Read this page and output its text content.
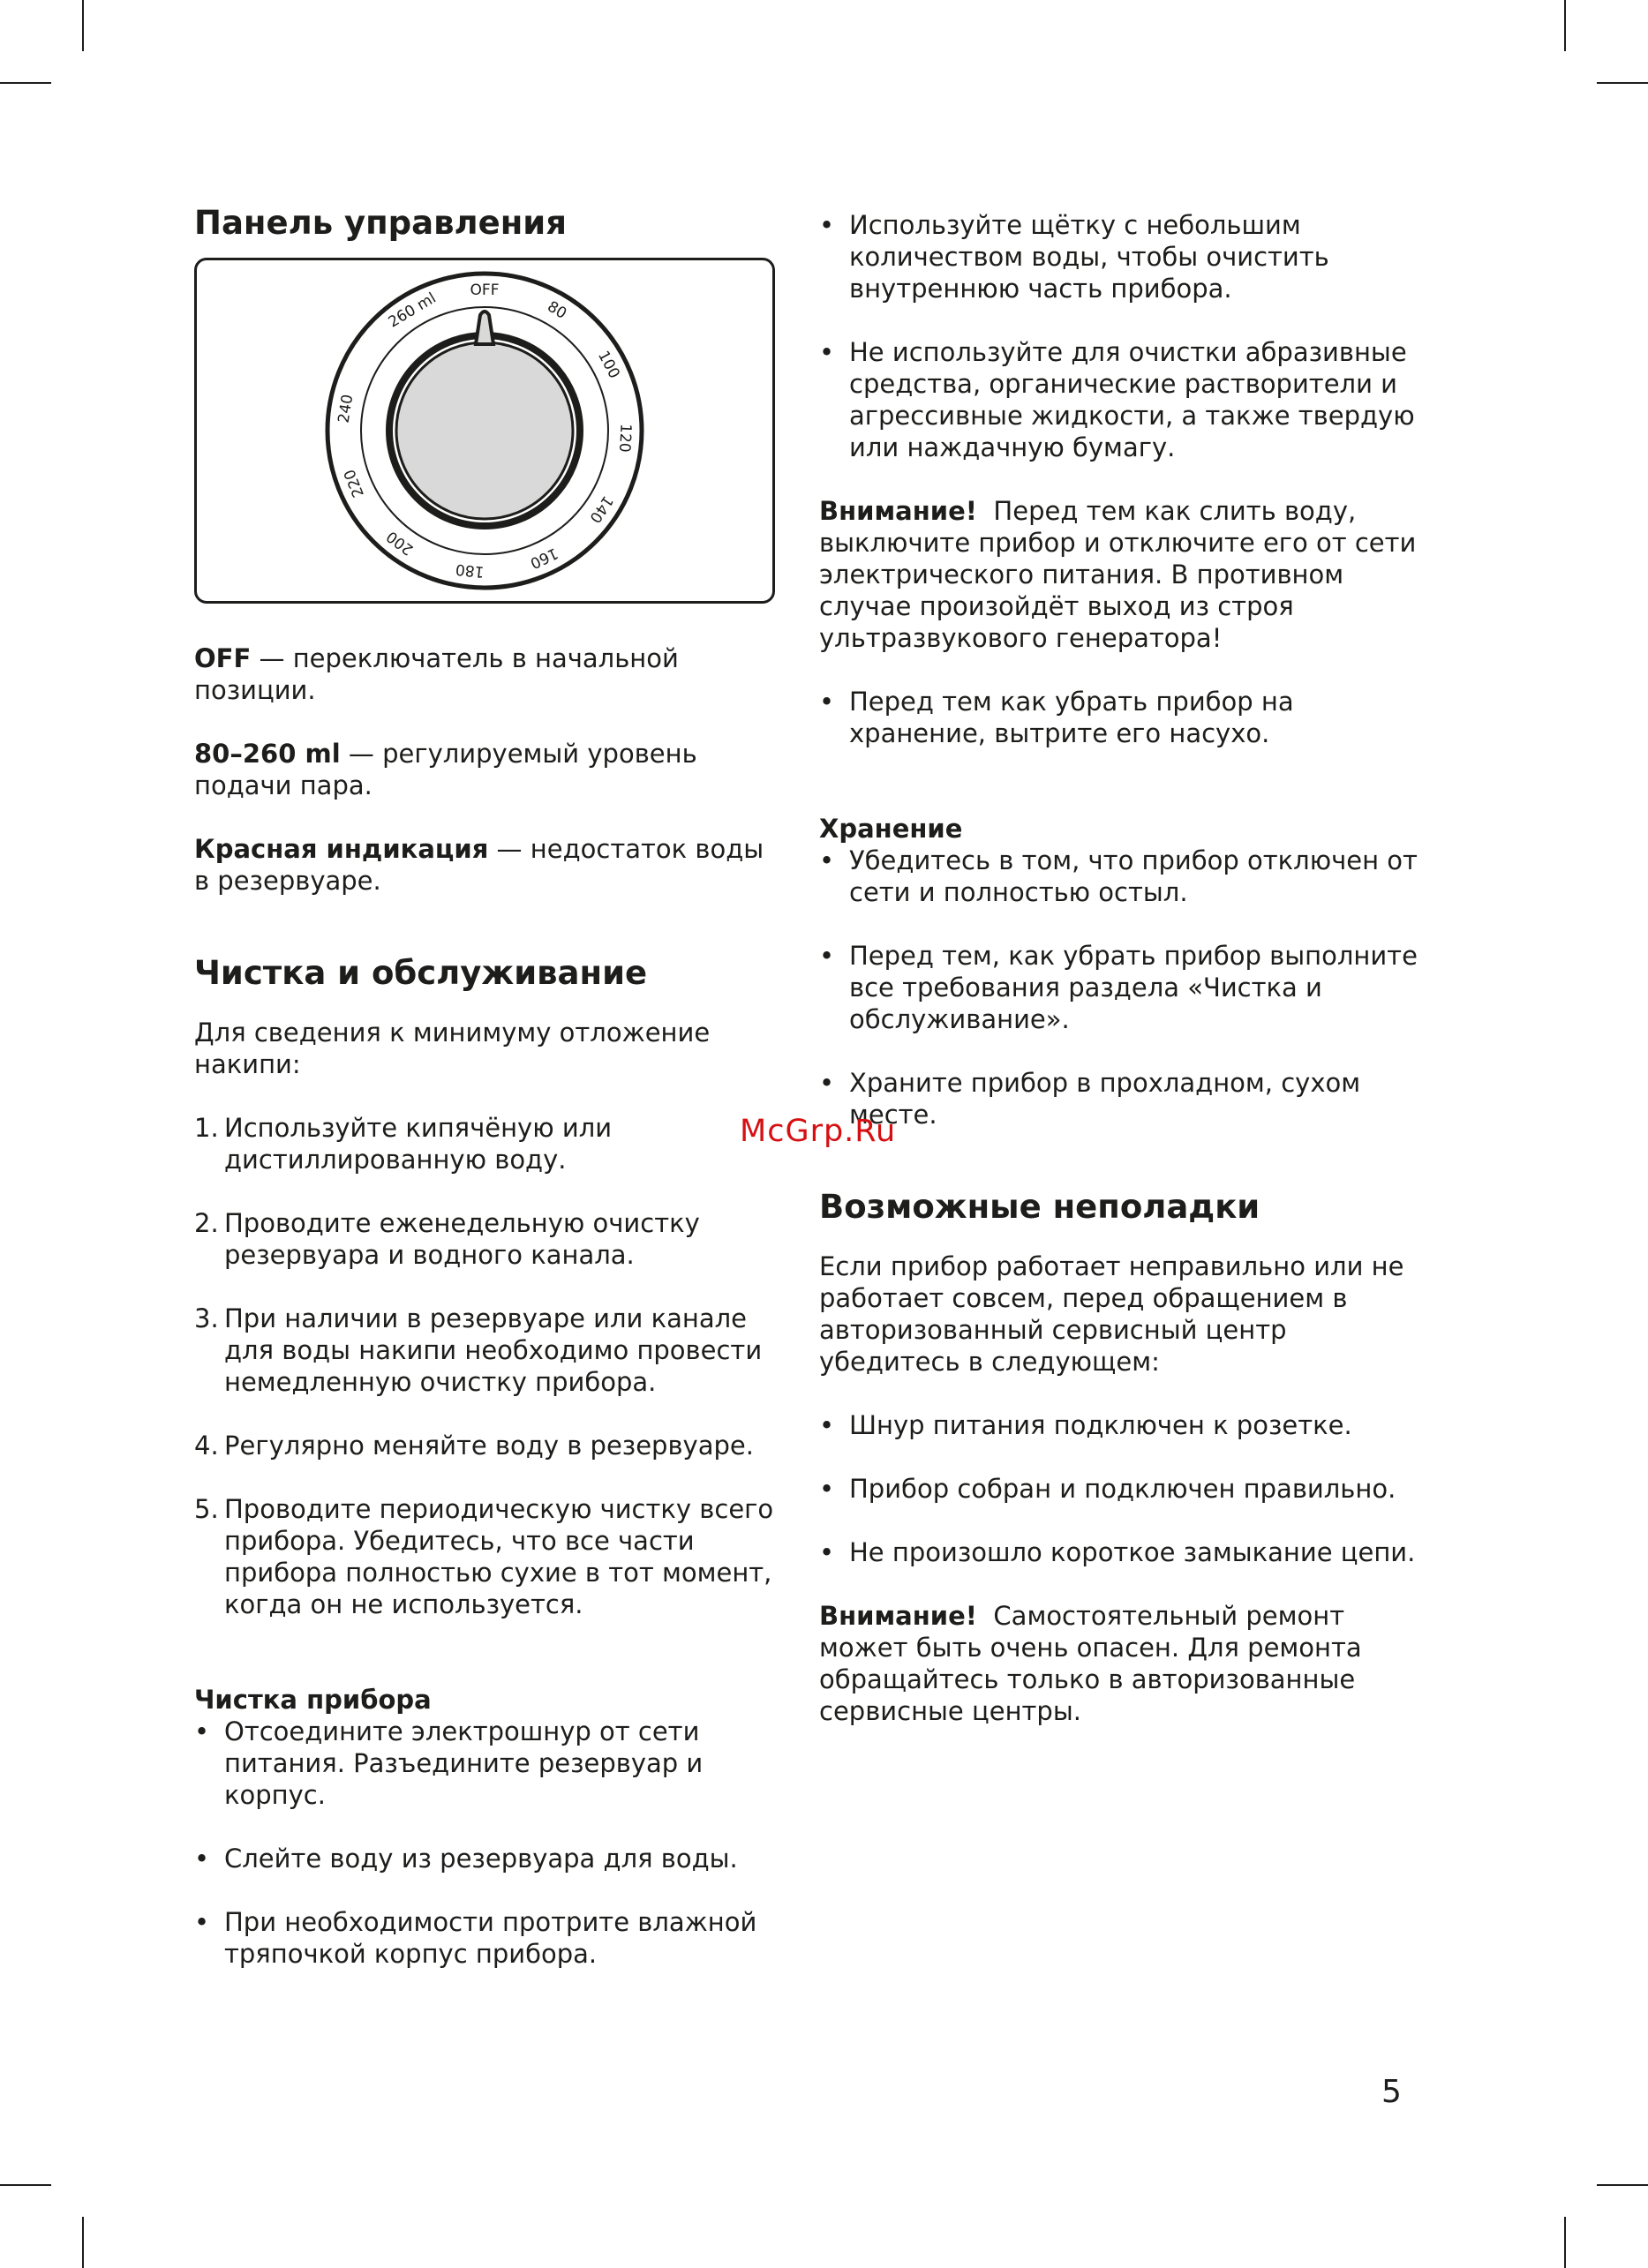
Панель управления
OFF
80
100
120
140
160
180
200
220
240
260 ml

OFF — переключатель в начальной позиции.

80–260 ml — регулируемый уровень подачи пара.

Красная индикация — недостаток воды в резервуаре.

Чистка и обслуживание

Для сведения к минимуму отложение накипи:

1. Используйте кипячёную или дистиллированную воду.
2. Проводите еженедельную очистку резервуара и водного канала.
3. При наличии в резервуаре или канале для воды накипи необходимо провести немедленную очистку прибора.
4. Регулярно меняйте воду в резервуаре.
5. Проводите периодическую чистку всего прибора. Убедитесь, что все части прибора полностью сухие в тот момент, когда он не используется.
Чистка прибора
• Отсоедините электрошнур от сети питания. Разъедините резервуар и корпус.
• Слейте воду из резервуара для воды.
• При необходимости протрите влажной тряпочкой корпус прибора.
• Используйте щётку с небольшим количеством воды, чтобы очистить внутреннюю часть прибора.
• Не используйте для очистки абразивные средства, органические растворители и агрессивные жидкости, а также твердую или наждачную бумагу.

Внимание!  Перед тем как слить воду, выключите прибор и отключите его от сети электрического питания. В противном случае произойдёт выход из строя ультразвукового генератора!

• Перед тем как убрать прибор на хранение, вытрите его насухо.
Хранение
• Убедитесь в том, что прибор отключен от сети и полностью остыл.
• Перед тем, как убрать прибор выполните все требования раздела «Чистка и обслуживание».
• Храните прибор в прохладном, сухом месте.
Возможные неполадки

Если прибор работает неправильно или не работает совсем, перед обращением в авторизованный сервисный центр убедитесь в следующем:

• Шнур питания подключен к розетке.
• Прибор собран и подключен правильно.
• Не произошло короткое замыкание цепи.

Внимание!  Самостоятельный ремонт может быть очень опасен. Для ремонта обращайтесь только в авторизованные сервисные центры.

McGrp.Ru
5
